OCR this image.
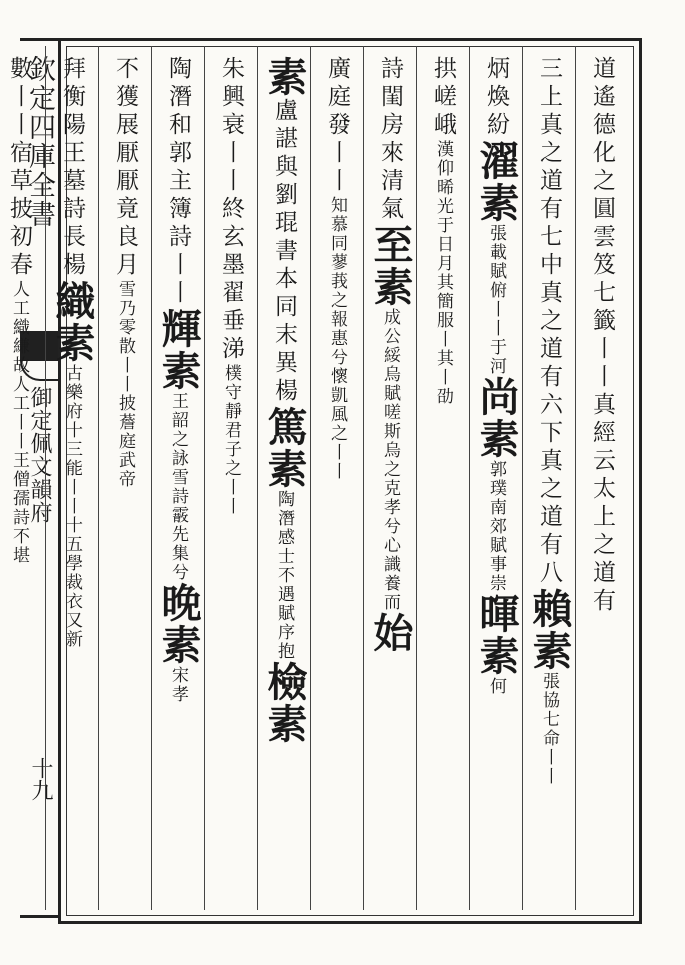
欽定四庫全書
御定佩文韻府
十九
道遙德化之圓雲笈七籤丨丨真經云太上之道有
三上真之道有七中真之道有六下真之道有八賴素張協七命丨丨
炳煥紛濯素張載賦俯丨丨于河尚素郭璞南郊賦事崇暉素何
拱嵯峨漢仰晞光于日月其簡服丨其丨劭
詩閨房來清氣至素成公綏烏賦嗟斯烏之克孝兮心識養而始
廣庭發丨丨知慕同蓼莪之報惠兮懷凱風之丨丨
素盧諶與劉琨書本同末異楊篤素陶潛感士不遇賦序抱檢素
朱興衰丨丨終玄墨翟垂涕樸守靜君子之丨丨
陶潛和郭主簿詩丨丨輝素王韶之詠雪詩霰先集兮晚素宋孝
不獲展厭厭竟良月雪乃零散丨丨披薝庭武帝
拜衡陽王墓詩長楊織素古樂府十三能丨丨十五學裁衣又新
數丨丨宿草披初春人工織縑故人工丨丨王僧孺詩不堪
